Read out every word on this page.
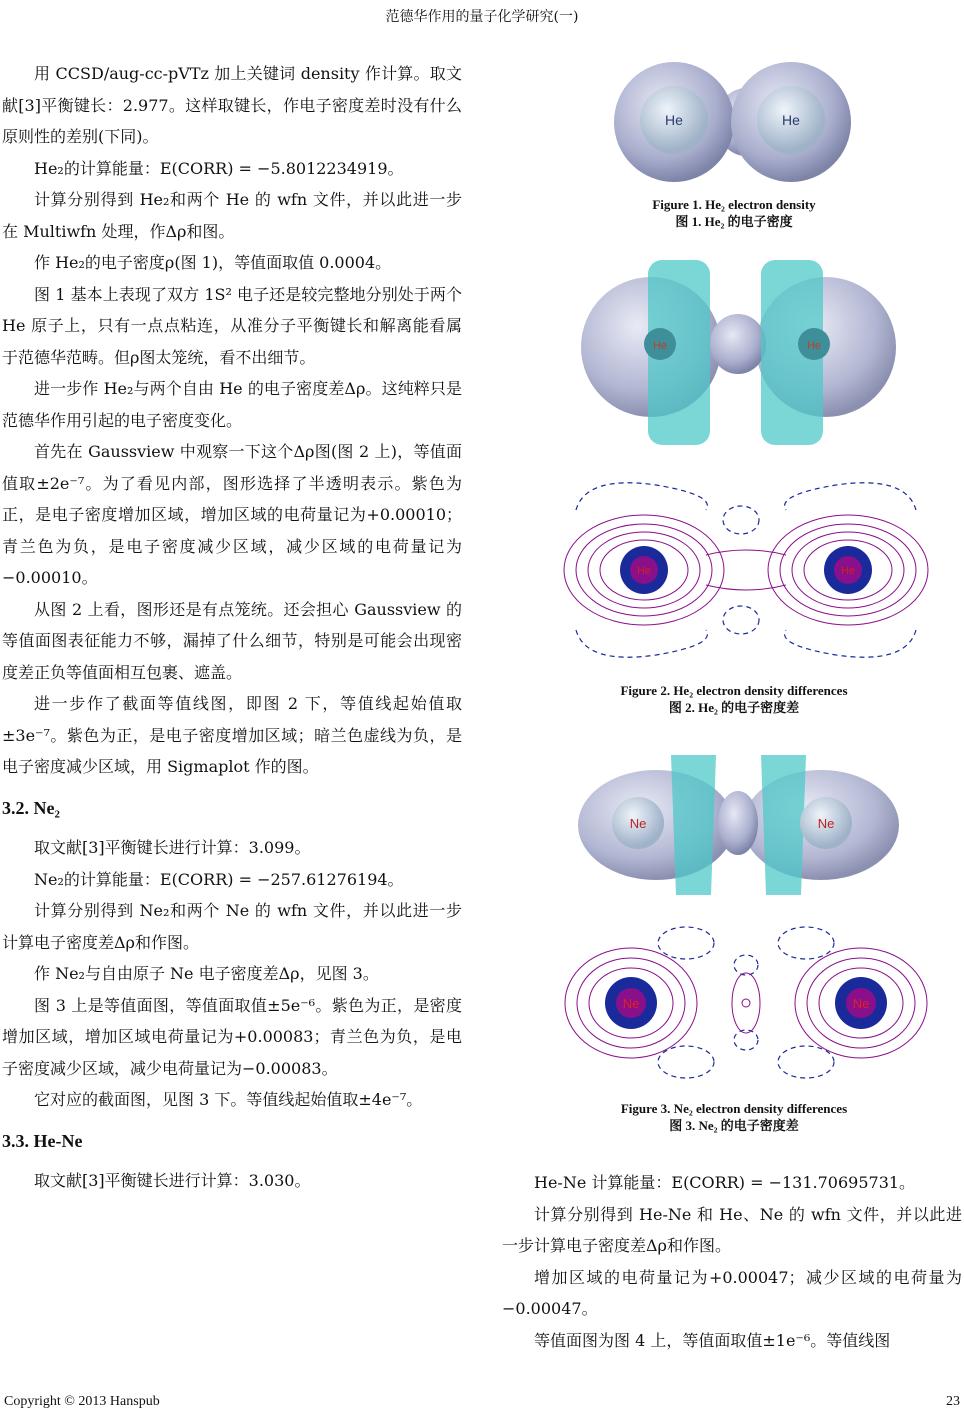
范德华作用的量子化学研究(一)

用 CCSD/aug-cc-pVTz 加上关键词 density 作计算。取文献[3]平衡键长：2.977。这样取键长，作电子密度差时没有什么原则性的差别(下同)。

He₂的计算能量：E(CORR) = −5.8012234919。

计算分别得到 He₂和两个 He 的 wfn 文件，并以此进一步在 Multiwfn 处理，作Δρ和图。

作 He₂的电子密度ρ(图 1)，等值面取值 0.0004。

图 1 基本上表现了双方 1S² 电子还是较完整地分别处于两个 He 原子上，只有一点点粘连，从准分子平衡键长和解离能看属于范德华范畴。但ρ图太笼统，看不出细节。

进一步作 He₂与两个自由 He 的电子密度差Δρ。这纯粹只是范德华作用引起的电子密度变化。

首先在 Gaussview 中观察一下这个Δρ图(图 2 上)，等值面值取±2e⁻⁷。为了看见内部，图形选择了半透明表示。紫色为正，是电子密度增加区域，增加区域的电荷量记为+0.00010；青兰色为负，是电子密度减少区域，减少区域的电荷量记为−0.00010。

从图 2 上看，图形还是有点笼统。还会担心 Gaussview 的等值面图表征能力不够，漏掉了什么细节，特别是可能会出现密度差正负等值面相互包裹、遮盖。

进一步作了截面等值线图，即图 2 下，等值线起始值取±3e⁻⁷。紫色为正，是电子密度增加区域；暗兰色虚线为负，是电子密度减少区域，用 Sigmaplot 作的图。

3.2. Ne₂

取文献[3]平衡键长进行计算：3.099。

Ne₂的计算能量：E(CORR) = −257.61276194。

计算分别得到 Ne₂和两个 Ne 的 wfn 文件，并以此进一步计算电子密度差Δρ和作图。

作 Ne₂与自由原子 Ne 电子密度差Δρ，见图 3。

图 3 上是等值面图，等值面取值±5e⁻⁶。紫色为正，是密度增加区域，增加区域电荷量记为+0.00083；青兰色为负，是电子密度减少区域，减少电荷量记为−0.00083。

它对应的截面图，见图 3 下。等值线起始值取±4e⁻⁷。

3.3. He-Ne

取文献[3]平衡键长进行计算：3.030。

He	He
Figure 1. He₂ electron density
图 1. He₂ 的电子密度
He	He
He	He
Figure 2. He₂ electron density differences
图 2. He₂ 的电子密度差
Ne	Ne
Ne	Ne
Figure 3. Ne₂ electron density differences
图 3. Ne₂ 的电子密度差

He-Ne 计算能量：E(CORR) = −131.70695731。

计算分别得到 He-Ne 和 He、Ne 的 wfn 文件，并以此进一步计算电子密度差Δρ和作图。

增加区域的电荷量记为+0.00047；减少区域的电荷量为−0.00047。

等值面图为图 4 上，等值面取值±1e⁻⁶。等值线图

Copyright © 2013 Hanspub	23
